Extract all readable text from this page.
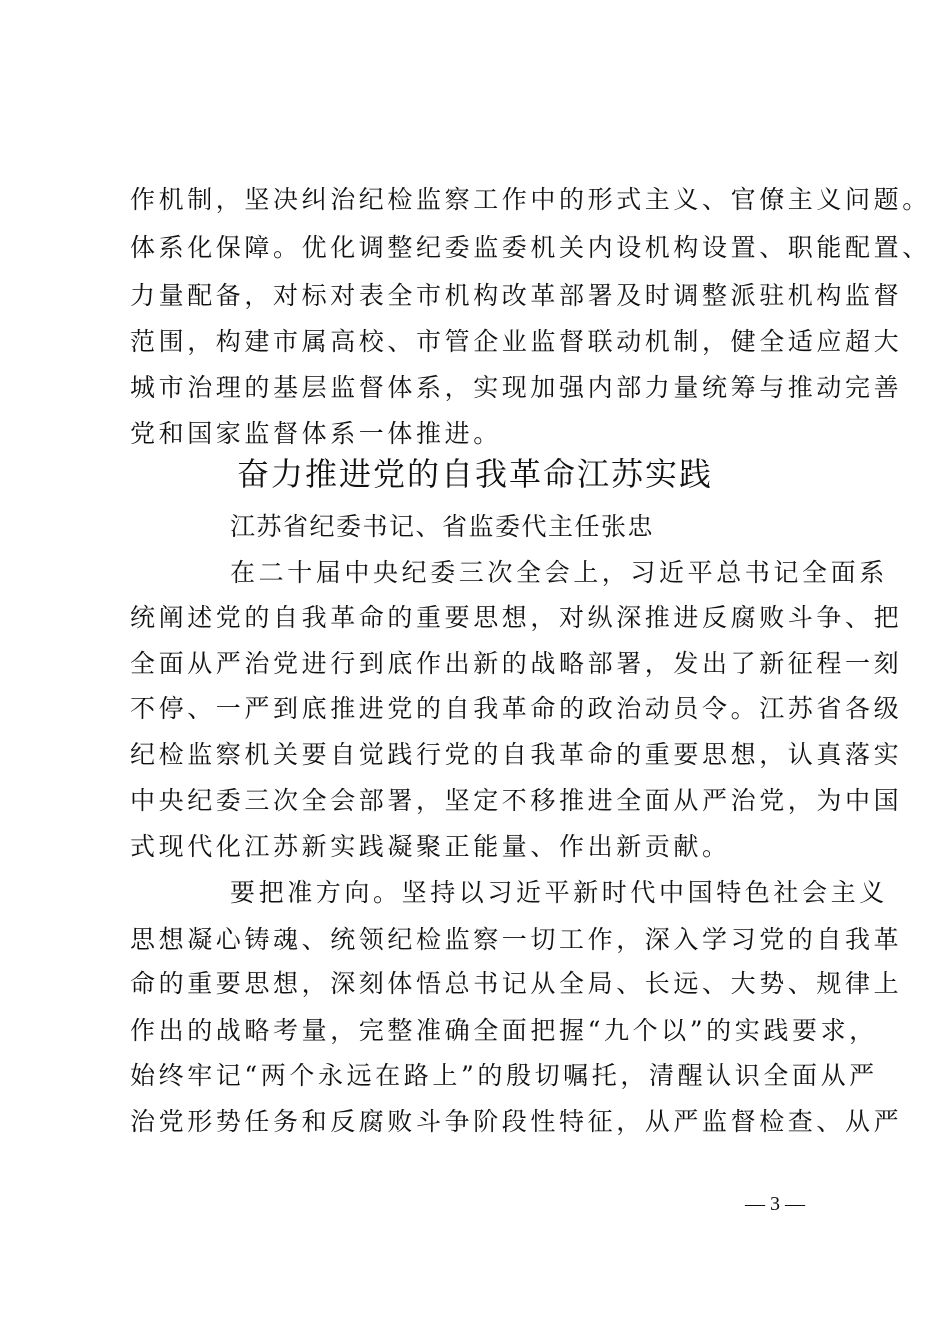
作机制，坚决纠治纪检监察工作中的形式主义、官僚主义问题。
体系化保障。优化调整纪委监委机关内设机构设置、职能配置、
力量配备，对标对表全市机构改革部署及时调整派驻机构监督
范围，构建市属高校、市管企业监督联动机制，健全适应超大
城市治理的基层监督体系，实现加强内部力量统筹与推动完善
党和国家监督体系一体推进。
奋力推进党的自我革命江苏实践
江苏省纪委书记、省监委代主任张忠
在二十届中央纪委三次全会上，习近平总书记全面系
统阐述党的自我革命的重要思想，对纵深推进反腐败斗争、把
全面从严治党进行到底作出新的战略部署，发出了新征程一刻
不停、一严到底推进党的自我革命的政治动员令。江苏省各级
纪检监察机关要自觉践行党的自我革命的重要思想，认真落实
中央纪委三次全会部署，坚定不移推进全面从严治党，为中国
式现代化江苏新实践凝聚正能量、作出新贡献。
要把准方向。坚持以习近平新时代中国特色社会主义
思想凝心铸魂、统领纪检监察一切工作，深入学习党的自我革
命的重要思想，深刻体悟总书记从全局、长远、大势、规律上
作出的战略考量，完整准确全面把握“九个以”的实践要求，
始终牢记“两个永远在路上”的殷切嘱托，清醒认识全面从严
治党形势任务和反腐败斗争阶段性特征，从严监督检查、从严
— 3 —
